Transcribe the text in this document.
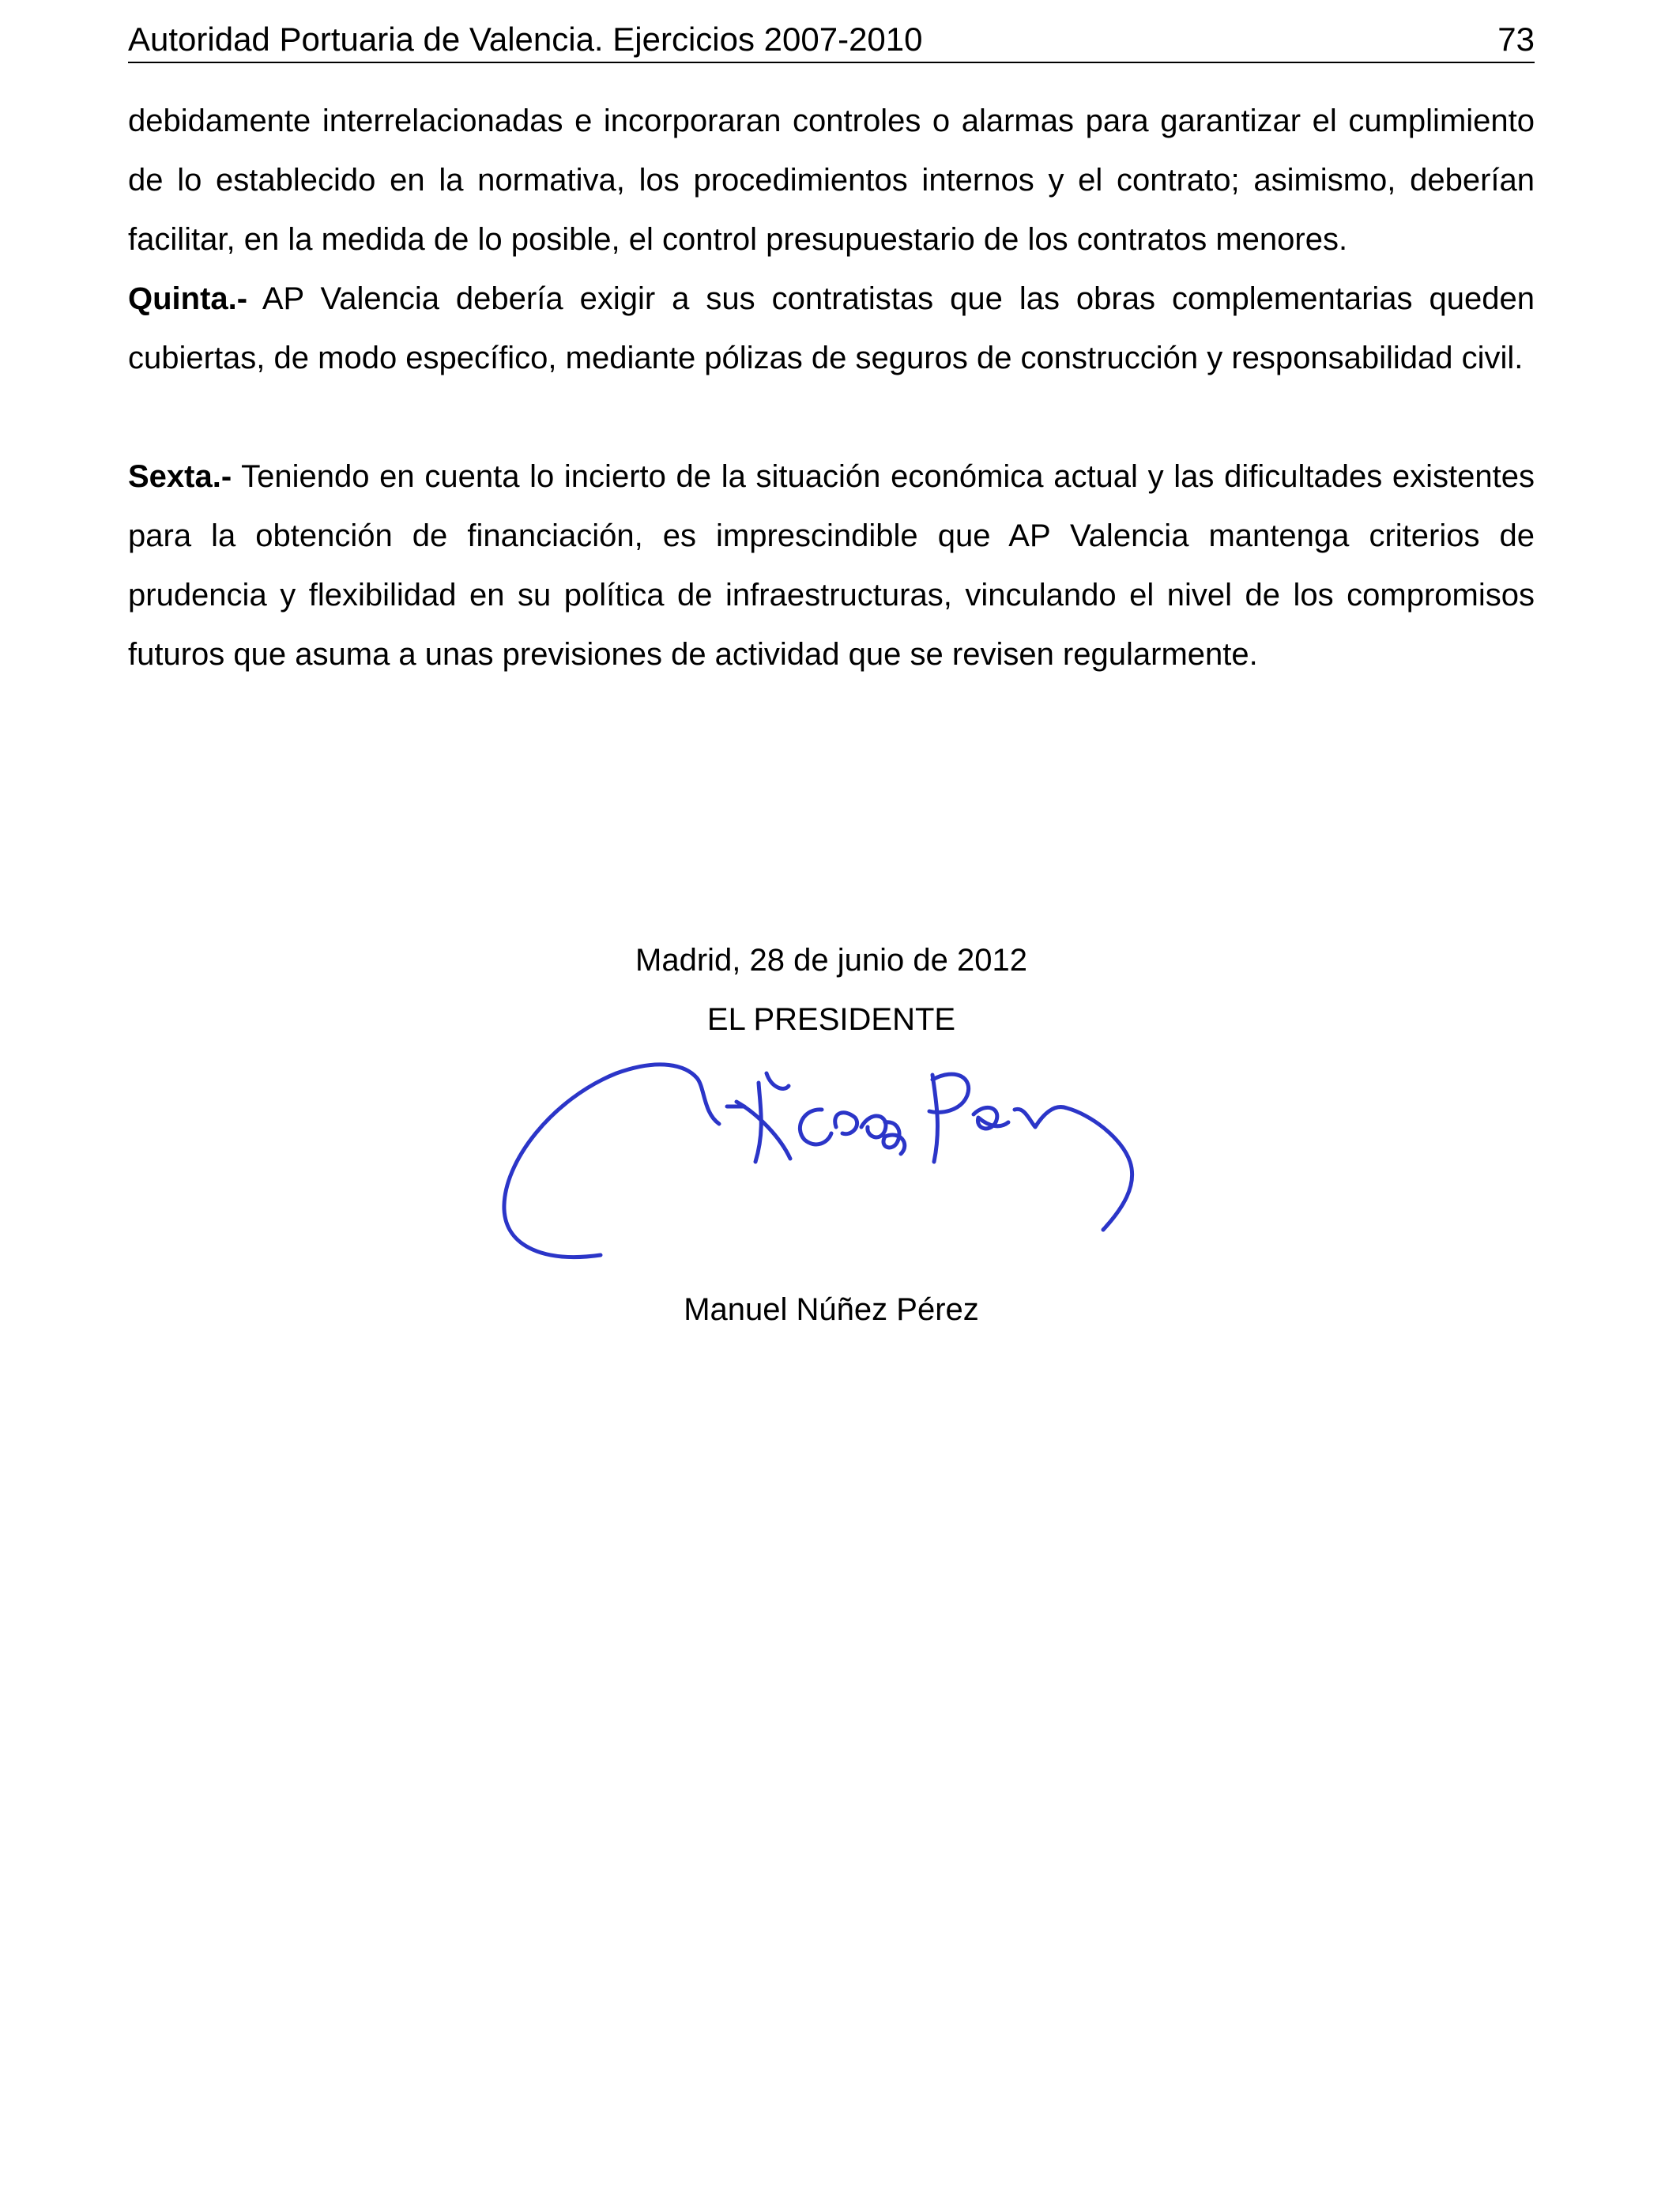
Autoridad Portuaria de Valencia. Ejercicios 2007-2010	73

debidamente interrelacionadas e incorporaran controles o alarmas para garantizar el cumplimiento de lo establecido en la normativa, los procedimientos internos y el contrato; asimismo, deberían facilitar, en la medida de lo posible, el control presupuestario de los contratos menores.

Quinta.- AP Valencia debería exigir a sus contratistas que las obras complementarias queden cubiertas, de modo específico, mediante pólizas de seguros de construcción y responsabilidad civil.

Sexta.- Teniendo en cuenta lo incierto de la situación económica actual y las dificultades existentes para la obtención de financiación, es imprescindible que AP Valencia mantenga criterios de prudencia y flexibilidad en su política de infraestructuras, vinculando el nivel de los compromisos futuros que asuma a unas previsiones de actividad que se revisen regularmente.

Madrid, 28 de junio de 2012
EL PRESIDENTE
Manuel Núñez Pérez
